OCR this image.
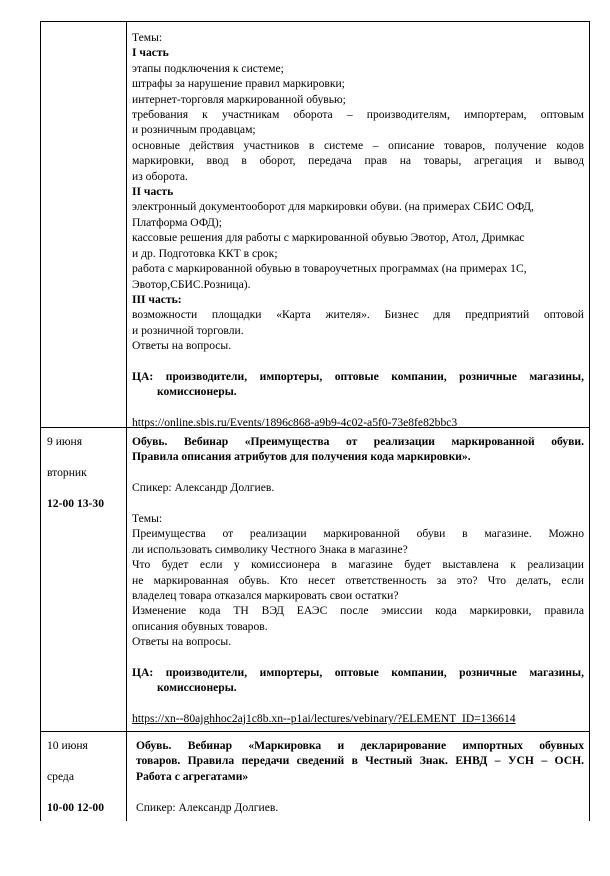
Темы:
I часть
этапы подключения к системе;
штрафы за нарушение правил маркировки;
интернет-торговля маркированной обувью;
требования к участникам оборота – производителям, импортерам, оптовым
и розничным продавцам;
основные действия участников в системе – описание товаров, получение кодов
маркировки, ввод в оборот, передача прав на товары, агрегация и вывод
из оборота.
II часть
электронный документооборот для маркировки обуви. (на примерах СБИС ОФД,
Платформа ОФД);
кассовые решения для работы с маркированной обувью Эвотор, Атол, Дримкас
и др. Подготовка ККТ в срок;
работа с маркированной обувью в товароучетных программах (на примерах 1С,
Эвотор,СБИС.Розница).
III часть:
возможности площадки «Карта жителя». Бизнес для предприятий оптовой
и розничной торговли.
Ответы на вопросы.
ЦА: производители, импортеры, оптовые компании, розничные магазины,
комиссионеры.
https://online.sbis.ru/Events/1896c868-a9b9-4c02-a5f0-73e8fe82bbc3
9 июня
вторник
12-00 13-30
Обувь. Вебинар «Преимущества от реализации маркированной обуви.
Правила описания атрибутов для получения кода маркировки».
Спикер: Александр Долгиев.
Темы:
Преимущества от реализации маркированной обуви в магазине. Можно
ли использовать символику Честного Знака в магазине?
Что будет если у комиссионера в магазине будет выставлена к реализации
не маркированная обувь. Кто несет ответственность за это? Что делать, если
владелец товара отказался маркировать свои остатки?
Изменение кода ТН ВЭД ЕАЭС после эмиссии кода маркировки, правила
описания обувных товаров.
Ответы на вопросы.
ЦА: производители, импортеры, оптовые компании, розничные магазины,
комиссионеры.
https://xn--80ajghhoc2aj1c8b.xn--p1ai/lectures/vebinary/?ELEMENT_ID=136614
10 июня
среда
10-00 12-00
Обувь. Вебинар «Маркировка и декларирование импортных обувных
товаров. Правила передачи сведений в Честный Знак. ЕНВД – УСН – ОСН.
Работа с агрегатами»
Спикер: Александр Долгиев.
